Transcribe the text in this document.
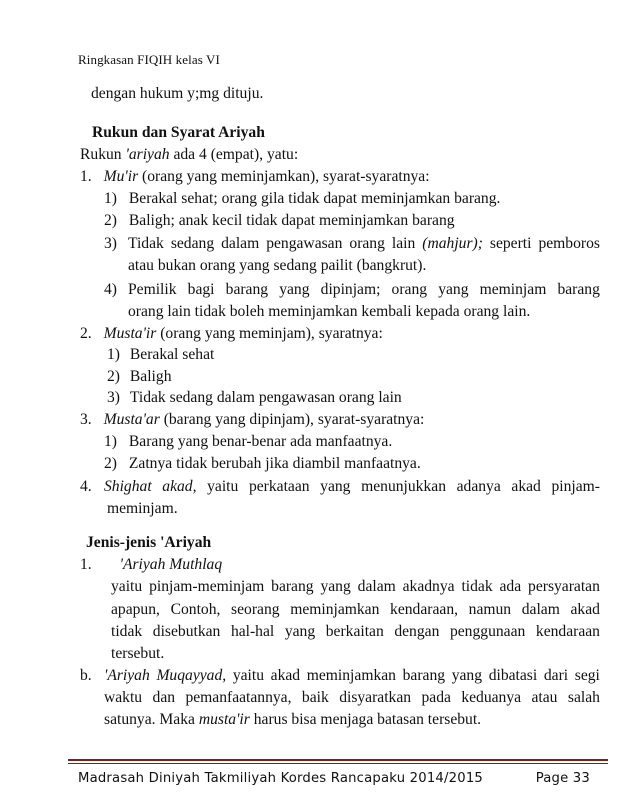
Ringkasan FIQIH kelas VI
dengan hukum y;mg dituju.
Rukun dan Syarat Ariyah
Rukun 'ariyah ada 4 (empat), yatu:
1. Mu'ir (orang yang meminjamkan), syarat-syaratnya:
1) Berakal sehat; orang gila tidak dapat meminjamkan barang.
2) Baligh; anak kecil tidak dapat meminjamkan barang
3) Tidak sedang dalam pengawasan orang lain (mahjur); seperti pemboros
atau bukan orang yang sedang pailit (bangkrut).
4) Pemilik bagi barang yang dipinjam; orang yang meminjam barang
orang lain tidak boleh meminjamkan kembali kepada orang lain.
2. Musta'ir (orang yang meminjam), syaratnya:
1) Berakal sehat
2) Baligh
3) Tidak sedang dalam pengawasan orang lain
3. Musta'ar (barang yang dipinjam), syarat-syaratnya:
1) Barang yang benar-benar ada manfaatnya.
2) Zatnya tidak berubah jika diambil manfaatnya.
4. Shighat akad, yaitu perkataan yang menunjukkan adanya akad pinjam-
meminjam.
Jenis-jenis 'Ariyah
1. 'Ariyah Muthlaq
yaitu pinjam-meminjam barang yang dalam akadnya tidak ada persyaratan
apapun, Contoh, seorang meminjamkan kendaraan, namun dalam akad
tidak disebutkan hal-hal yang berkaitan dengan penggunaan kendaraan
tersebut.
b. 'Ariyah Muqayyad, yaitu akad meminjamkan barang yang dibatasi dari segi
waktu dan pemanfaatannya, baik disyaratkan pada keduanya atau salah
satunya. Maka musta'ir harus bisa menjaga batasan tersebut.
Madrasah Diniyah Takmiliyah Kordes Rancapaku 2014/2015	Page 33
